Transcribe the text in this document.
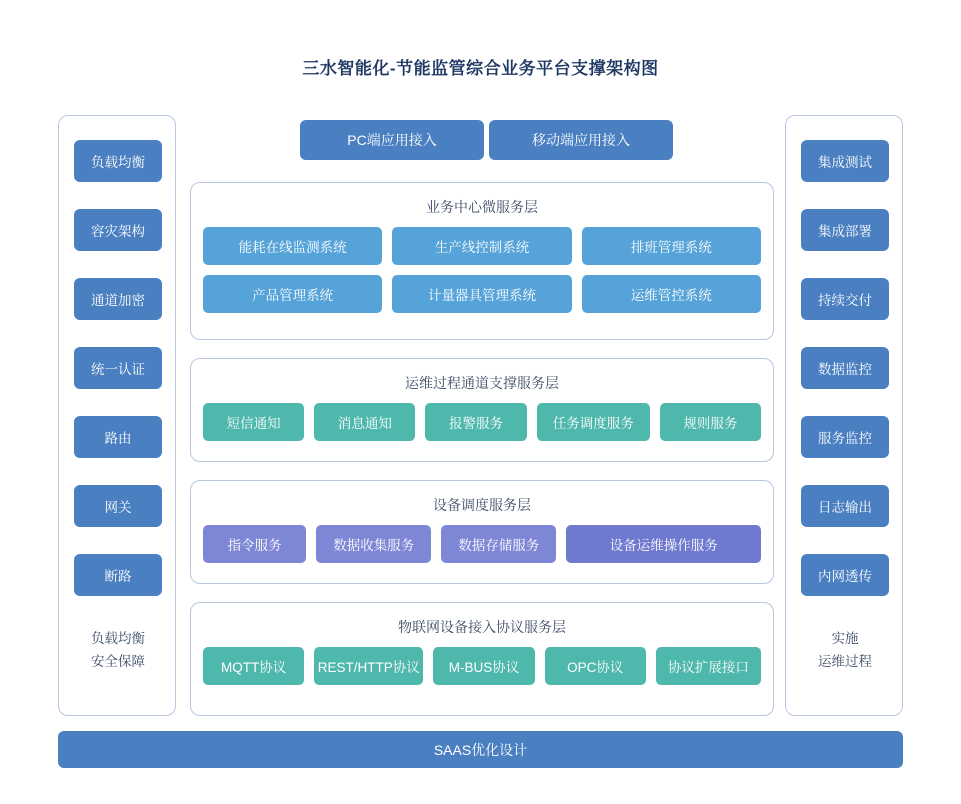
三水智能化-节能监管综合业务平台支撑架构图
PC端应用接入	移动端应用接入
负载均衡
容灾架构
通道加密
统一认证
路由
网关
断路
负载均衡
安全保障
集成测试
集成部署
持续交付
数据监控
服务监控
日志输出
内网透传
实施
运维过程
业务中心微服务层
能耗在线监测系统	生产线控制系统	排班管理系统
产品管理系统	计量器具管理系统	运维管控系统
运维过程通道支撑服务层
短信通知	消息通知	报警服务	任务调度服务	规则服务
设备调度服务层
指令服务	数据收集服务	数据存储服务	设备运维操作服务
物联网设备接入协议服务层
MQTT协议	REST/HTTP协议	M-BUS协议	OPC协议	协议扩展接口
SAAS优化设计
